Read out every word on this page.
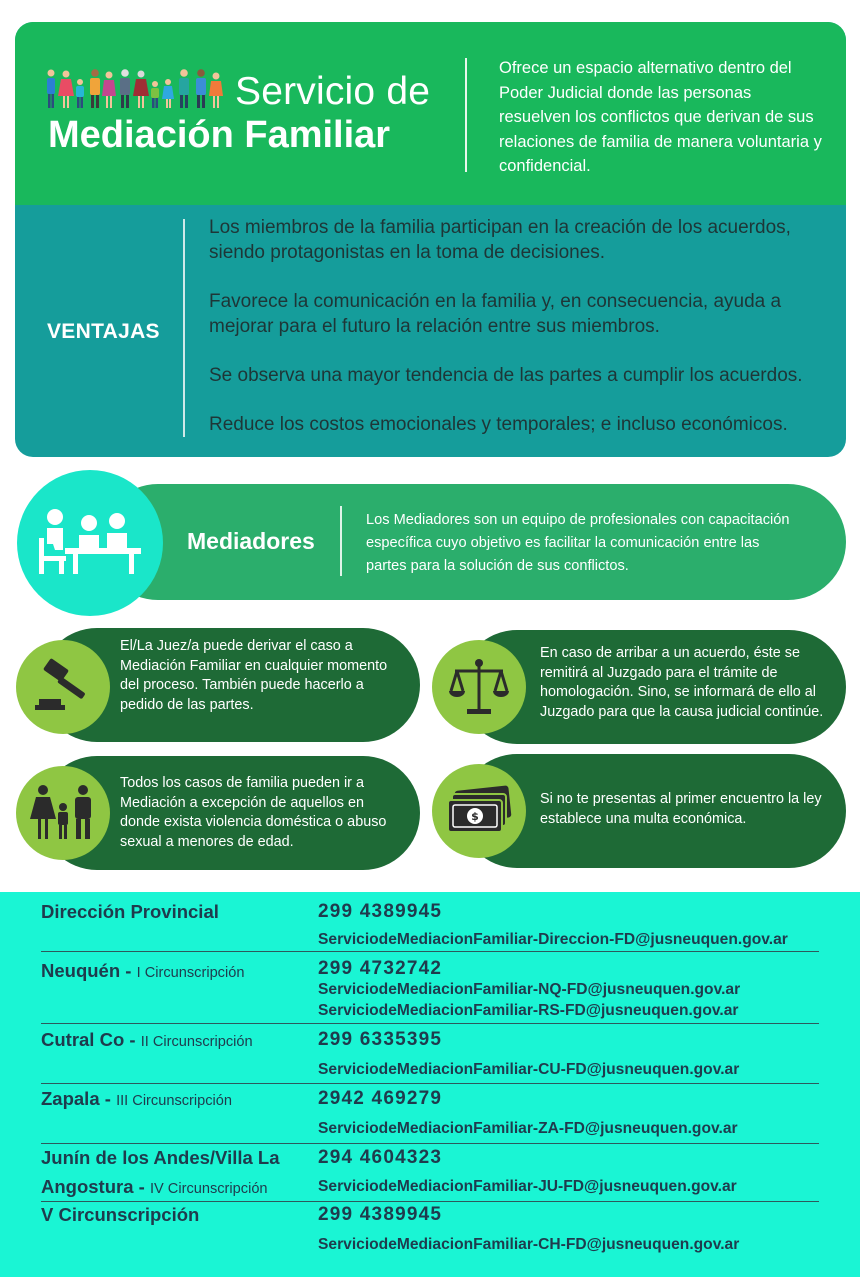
Servicio de
Mediación Familiar
Ofrece un espacio alternativo dentro del Poder Judicial donde las personas resuelven los conflictos que derivan de sus relaciones de familia de manera voluntaria y confidencial.
VENTAJAS

Los miembros de la familia participan en la creación de los acuerdos, siendo protagonistas en la toma de decisiones.

Favorece la comunicación en la familia y, en consecuencia, ayuda a mejorar para el futuro la relación entre sus miembros.

Se observa una mayor tendencia de las partes a cumplir los acuerdos.

Reduce los costos emocionales y temporales; e incluso económicos.

Mediadores
Los Mediadores son un equipo de profesionales con capacitación específica cuyo objetivo es facilitar la comunicación entre las partes para la solución de sus conflictos.
El/La Juez/a puede derivar el caso a Mediación Familiar en cualquier momento del proceso. También puede hacerlo a pedido de las partes.
En caso de arribar a un acuerdo, éste se remitirá al Juzgado para el trámite de homologación. Sino, se informará de ello al Juzgado para que la causa judicial continúe.
Todos los casos de familia pueden ir a Mediación a excepción de aquellos en donde exista violencia doméstica o abuso sexual a menores de edad.
Si no te presentas al primer encuentro la ley establece una multa económica.
$
Dirección Provincial	299 4389945
ServiciodeMediacionFamiliar-Direccion-FD@jusneuquen.gov.ar
Neuquén - I Circunscripción	299 4732742
ServiciodeMediacionFamiliar-NQ-FD@jusneuquen.gov.ar
ServiciodeMediacionFamiliar-RS-FD@jusneuquen.gov.ar
Cutral Co - II Circunscripción	299 6335395
ServiciodeMediacionFamiliar-CU-FD@jusneuquen.gov.ar
Zapala - III Circunscripción	2942 469279
ServiciodeMediacionFamiliar-ZA-FD@jusneuquen.gov.ar
Junín de los Andes/Villa La
Angostura - IV Circunscripción
294 4604323
ServiciodeMediacionFamiliar-JU-FD@jusneuquen.gov.ar
V Circunscripción	299 4389945
ServiciodeMediacionFamiliar-CH-FD@jusneuquen.gov.ar
